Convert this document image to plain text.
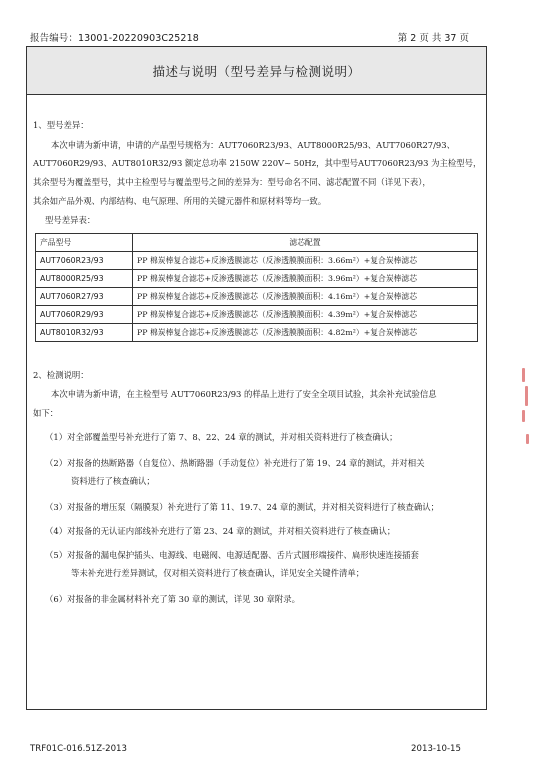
报告编号：13001-20220903C25218	第 2 页 共 37 页
描述与说明（型号差异与检测说明）
1、型号差异：
本次申请为新申请，申请的产品型号规格为：AUT7060R23/93、AUT8000R25/93、AUT7060R27/93、
AUT7060R29/93、AUT8010R32/93 额定总功率 2150W 220V~ 50Hz，其中型号AUT7060R23/93 为主检型号，
其余型号为覆盖型号，其中主检型号与覆盖型号之间的差异为：型号命名不同、滤芯配置不同（详见下表），
其余如产品外观、内部结构、电气原理、所用的关键元器件和原材料等均一致。
型号差异表：
产品型号	滤芯配置
AUT7060R23/93	PP 棉炭棒复合滤芯+反渗透膜滤芯（反渗透膜膜面积：3.66m²）+复合炭棒滤芯
AUT8000R25/93	PP 棉炭棒复合滤芯+反渗透膜滤芯（反渗透膜膜面积：3.96m²）+复合炭棒滤芯
AUT7060R27/93	PP 棉炭棒复合滤芯+反渗透膜滤芯（反渗透膜膜面积：4.16m²）+复合炭棒滤芯
AUT7060R29/93	PP 棉炭棒复合滤芯+反渗透膜滤芯（反渗透膜膜面积：4.39m²）+复合炭棒滤芯
AUT8010R32/93	PP 棉炭棒复合滤芯+反渗透膜滤芯（反渗透膜膜面积：4.82m²）+复合炭棒滤芯
2、检测说明：
本次申请为新申请，在主检型号 AUT7060R23/93 的样品上进行了安全全项目试验，其余补充试验信息
如下：
（1）对全部覆盖型号补充进行了第 7、8、22、24 章的测试，并对相关资料进行了核查确认；
（2）对报备的热断路器（自复位）、热断路器（手动复位）补充进行了第 19、24 章的测试，并对相关
资料进行了核查确认；
（3）对报备的增压泵（隔膜泵）补充进行了第 11、19.7、24 章的测试，并对相关资料进行了核查确认；
（4）对报备的无认证内部线补充进行了第 23、24 章的测试，并对相关资料进行了核查确认；
（5）对报备的漏电保护插头、电源线、电磁阀、电源适配器、舌片式圆形端接件、扁形快速连接插套
等未补充进行差异测试，仅对相关资料进行了核查确认，详见安全关键件清单；
（6）对报备的非金属材料补充了第 30 章的测试，详见 30 章附录。
TRF01C-016.51Z-2013	2013-10-15
